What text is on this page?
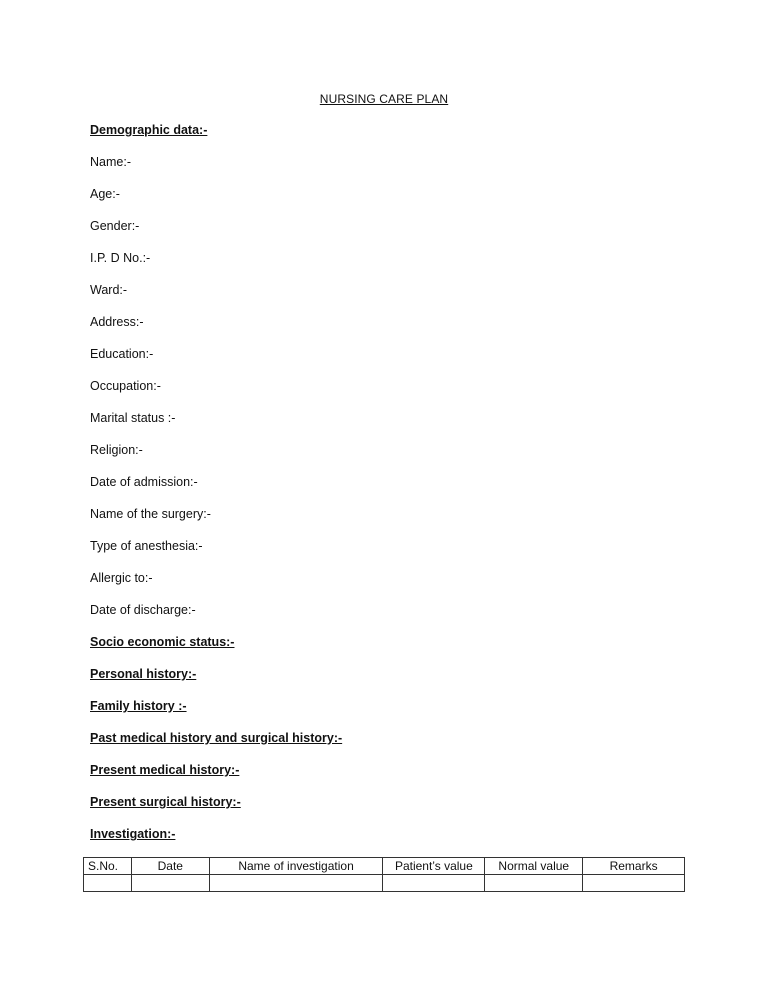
NURSING CARE PLAN
Demographic data:-
Name:-
Age:-
Gender:-
I.P. D No.:-
Ward:-
Address:-
Education:-
Occupation:-
Marital status :-
Religion:-
Date of admission:-
Name of the surgery:-
Type of anesthesia:-
Allergic to:-
Date of discharge:-
Socio economic status:-
Personal history:-
Family history :-
Past medical history and surgical history:-
Present medical history:-
Present surgical history:-
Investigation:-
S.No.	Date	Name of investigation	Patient’s value	Normal value	Remarks
